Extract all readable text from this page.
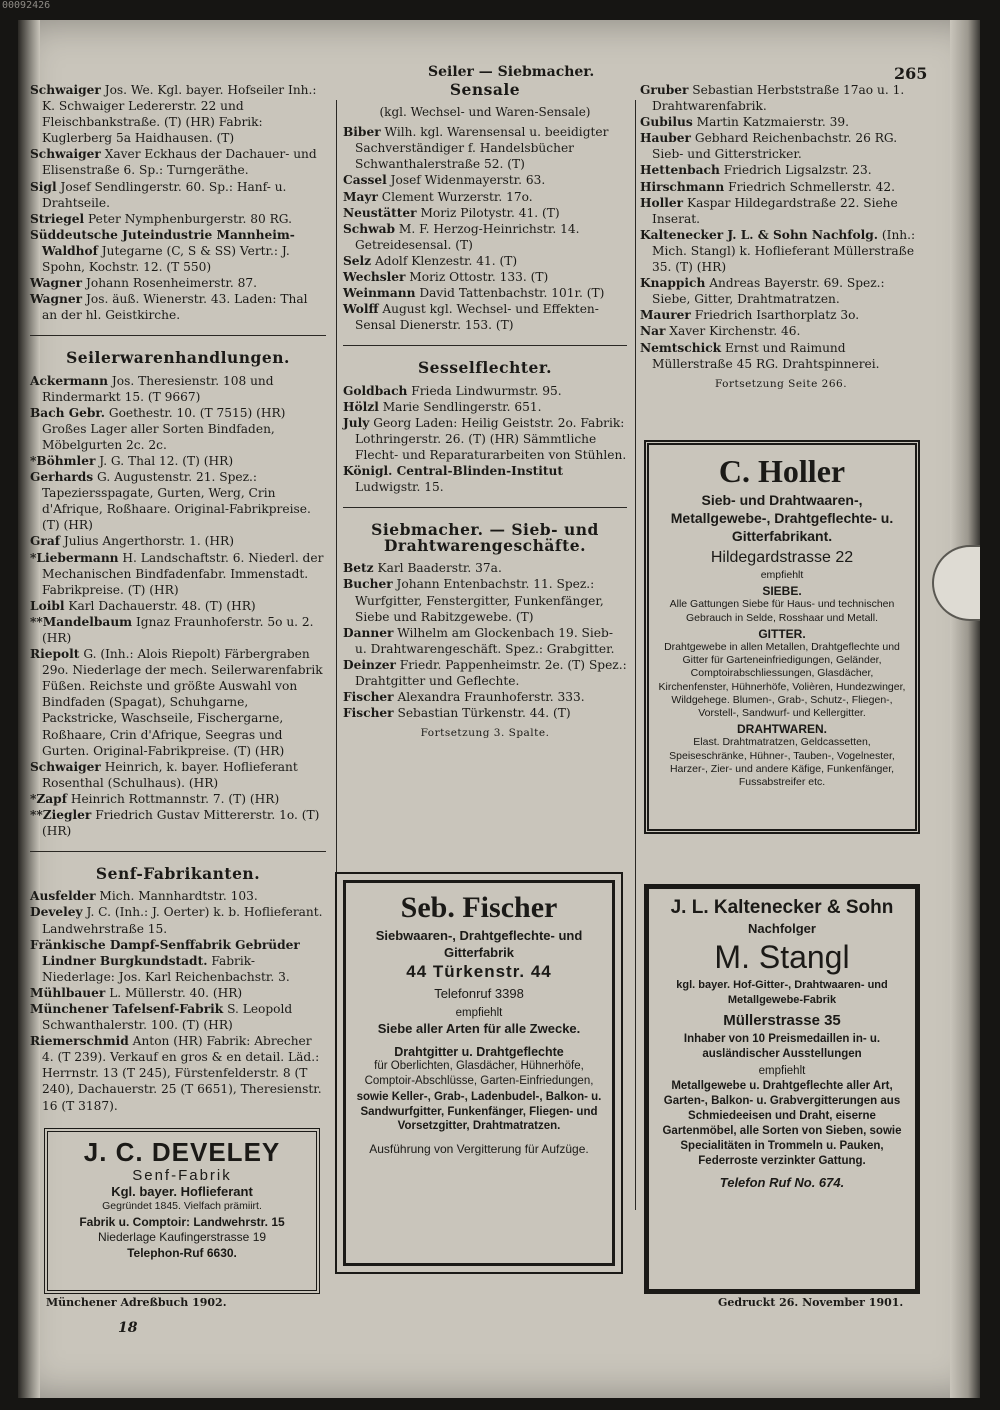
Seiler — Siebmacher.	265

Schwaiger Jos. We. Kgl. bayer. Hofseiler Inh.: K. Schwaiger Ledererstr. 22 und Fleischbankstraße. (T) (HR) Fabrik: Kuglerberg 5a Haidhausen. (T)

Schwaiger Xaver Eckhaus der Dachauer- und Elisenstraße 6. Sp.: Turngeräthe.

Sigl Josef Sendlingerstr. 60. Sp.: Hanf- u. Drahtseile.

Striegel Peter Nymphenburgerstr. 80 RG.

Süddeutsche Juteindustrie Mannheim-Waldhof Jutegarne (C, S & SS) Vertr.: J. Spohn, Kochstr. 12. (T 550)

Wagner Johann Rosenheimerstr. 87.

Wagner Jos. äuß. Wienerstr. 43. Laden: Thal an der hl. Geistkirche.

Seilerwarenhandlungen.

Ackermann Jos. Theresienstr. 108 und Rindermarkt 15. (T 9667)

Bach Gebr. Goethestr. 10. (T 7515) (HR) Großes Lager aller Sorten Bindfaden, Möbelgurten 2c. 2c.

*Böhmler J. G. Thal 12. (T) (HR)

Gerhards G. Augustenstr. 21. Spez.: Tapeziersspagate, Gurten, Werg, Crin d'Afrique, Roßhaare. Original-Fabrikpreise. (T) (HR)

Graf Julius Angerthorstr. 1. (HR)

*Liebermann H. Landschaftstr. 6. Niederl. der Mechanischen Bindfadenfabr. Immenstadt. Fabrikpreise. (T) (HR)

Loibl Karl Dachauerstr. 48. (T) (HR)

**Mandelbaum Ignaz Fraunhoferstr. 5o u. 2. (HR)

Riepolt G. (Inh.: Alois Riepolt) Färbergraben 29o. Niederlage der mech. Seilerwarenfabrik Füßen. Reichste und größte Auswahl von Bindfaden (Spagat), Schuhgarne, Packstricke, Waschseile, Fischergarne, Roßhaare, Crin d'Afrique, Seegras und Gurten. Original-Fabrikpreise. (T) (HR)

Schwaiger Heinrich, k. bayer. Hoflieferant Rosenthal (Schulhaus). (HR)

*Zapf Heinrich Rottmannstr. 7. (T) (HR)

**Ziegler Friedrich Gustav Mittererstr. 1o. (T) (HR)

Senf-Fabrikanten.

Ausfelder Mich. Mannhardtstr. 103.

Develey J. C. (Inh.: J. Oerter) k. b. Hoflieferant. Landwehrstraße 15.

Fränkische Dampf-Senffabrik Gebrüder Lindner Burgkundstadt. Fabrik-Niederlage: Jos. Karl Reichenbachstr. 3.

Mühlbauer L. Müllerstr. 40. (HR)

Münchener Tafelsenf-Fabrik S. Leopold Schwanthalerstr. 100. (T) (HR)

Riemerschmid Anton (HR) Fabrik: Abrecher 4. (T 239). Verkauf en gros & en detail. Läd.: Herrnstr. 13 (T 245), Fürstenfelderstr. 8 (T 240), Dachauerstr. 25 (T 6651), Theresienstr. 16 (T 3187).

J. C. DEVELEY

Senf-Fabrik

Kgl. bayer. Hoflieferant

Gegründet 1845. Vielfach prämiirt.

Fabrik u. Comptoir: Landwehrstr. 15

Niederlage Kaufingerstrasse 19

Telephon-Ruf 6630.

Münchener Adreßbuch 1902.
18
Sensale
(kgl. Wechsel- und Waren-Sensale)

Biber Wilh. kgl. Warensensal u. beeidigter Sachverständiger f. Handelsbücher Schwanthalerstraße 52. (T)

Cassel Josef Widenmayerstr. 63.

Mayr Clement Wurzerstr. 17o.

Neustätter Moriz Pilotystr. 41. (T)

Schwab M. F. Herzog-Heinrichstr. 14. Getreidesensal. (T)

Selz Adolf Klenzestr. 41. (T)

Wechsler Moriz Ottostr. 133. (T)

Weinmann David Tattenbachstr. 101r. (T)

Wolff August kgl. Wechsel- und Effekten-Sensal Dienerstr. 153. (T)

Sesselflechter.

Goldbach Frieda Lindwurmstr. 95.

Hölzl Marie Sendlingerstr. 651.

July Georg Laden: Heilig Geiststr. 2o. Fabrik: Lothringerstr. 26. (T) (HR) Sämmtliche Flecht- und Reparaturarbeiten von Stühlen.

Königl. Central-Blinden-Institut Ludwigstr. 15.

Siebmacher. — Sieb- und Drahtwarengeschäfte.

Betz Karl Baaderstr. 37a.

Bucher Johann Entenbachstr. 11. Spez.: Wurfgitter, Fenstergitter, Funkenfänger, Siebe und Rabitzgewebe. (T)

Danner Wilhelm am Glockenbach 19. Sieb- u. Drahtwarengeschäft. Spez.: Grabgitter.

Deinzer Friedr. Pappenheimstr. 2e. (T) Spez.: Drahtgitter und Geflechte.

Fischer Alexandra Fraunhoferstr. 333.

Fischer Sebastian Türkenstr. 44. (T)

Fortsetzung 3. Spalte.

Seb. Fischer

Siebwaaren-, Drahtgeflechte- und Gitterfabrik

44 Türkenstr. 44

Telefonruf 3398

empfiehlt

Siebe aller Arten für alle Zwecke.

Drahtgitter u. Drahtgeflechte

für Oberlichten, Glasdächer, Hühnerhöfe, Comptoir-Abschlüsse, Garten-Einfriedungen,

sowie Keller-, Grab-, Ladenbudel-, Balkon- u. Sandwurfgitter, Funkenfänger, Fliegen- und Vorsetzgitter, Drahtmatratzen.

Ausführung von Vergitterung für Aufzüge.

Gruber Sebastian Herbststraße 17ao u. 1. Drahtwarenfabrik.

Gubilus Martin Katzmaierstr. 39.

Hauber Gebhard Reichenbachstr. 26 RG. Sieb- und Gitterstricker.

Hettenbach Friedrich Ligsalzstr. 23.

Hirschmann Friedrich Schmellerstr. 42.

Holler Kaspar Hildegardstraße 22. Siehe Inserat.

Kaltenecker J. L. & Sohn Nachfolg. (Inh.: Mich. Stangl) k. Hoflieferant Müllerstraße 35. (T) (HR)

Knappich Andreas Bayerstr. 69. Spez.: Siebe, Gitter, Drahtmatratzen.

Maurer Friedrich Isarthorplatz 3o.

Nar Xaver Kirchenstr. 46.

Nemtschick Ernst und Raimund Müllerstraße 45 RG. Drahtspinnerei.

Fortsetzung Seite 266.

C. Holler

Sieb- und Drahtwaaren-, Metallgewebe-, Drahtgeflechte- u. Gitterfabrikant.

Hildegardstrasse 22

empfiehlt

SIEBE.

Alle Gattungen Siebe für Haus- und technischen Gebrauch in Selde, Rosshaar und Metall.

GITTER.

Drahtgewebe in allen Metallen, Drahtgeflechte und Gitter für Garteneinfriedigungen, Geländer, Comptoirabschliessungen, Glasdächer, Kirchenfenster, Hühnerhöfe, Volièren, Hundezwinger, Wildgehege. Blumen-, Grab-, Schutz-, Fliegen-, Vorstell-, Sandwurf- und Kellergitter.

DRAHTWAREN.

Elast. Drahtmatratzen, Geldcassetten, Speiseschränke, Hühner-, Tauben-, Vogelnester, Harzer-, Zier- und andere Käfige, Funkenfänger, Fussabstreifer etc.

J. L. Kaltenecker & Sohn

Nachfolger

M. Stangl

kgl. bayer. Hof-Gitter-, Drahtwaaren- und Metallgewebe-Fabrik

Müllerstrasse 35

Inhaber von 10 Preismedaillen in- u. ausländischer Ausstellungen

empfiehlt

Metallgewebe u. Drahtgeflechte aller Art, Garten-, Balkon- u. Grabvergitterungen aus Schmiedeeisen und Draht, eiserne Gartenmöbel, alle Sorten von Sieben, sowie Specialitäten in Trommeln u. Pauken, Federroste verzinkter Gattung.

Telefon Ruf No. 674.

Gedruckt 26. November 1901.
00092426
